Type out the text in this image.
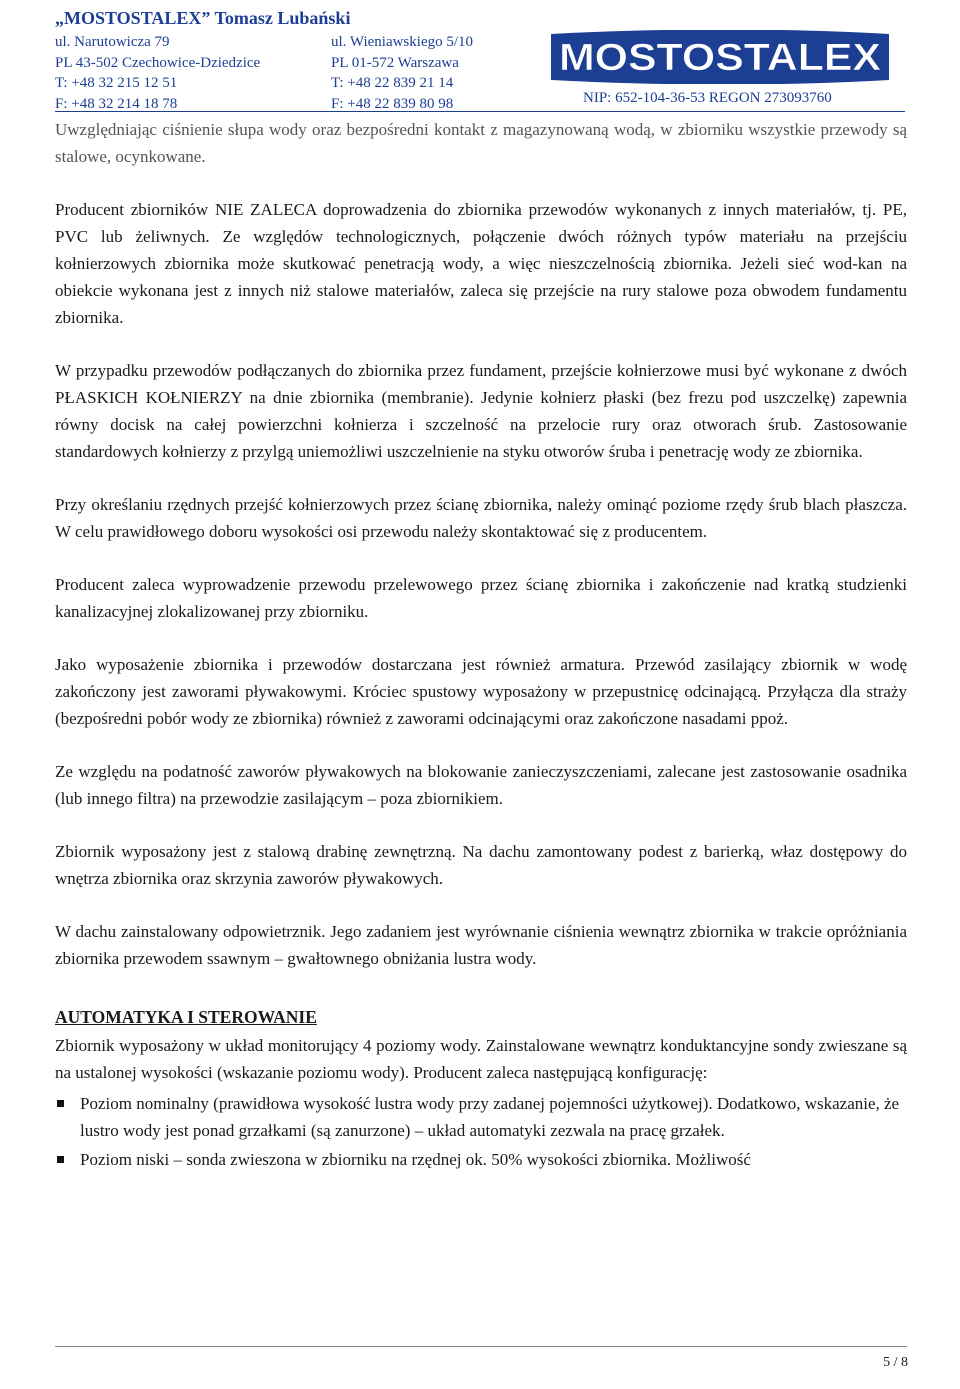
„MOSTOSTALEX” Tomasz Lubański
ul. Narutowicza 79
PL 43-502 Czechowice-Dziedzice
T: +48 32 215 12 51
F: +48 32 214 18 78
ul. Wieniawskiego 5/10
PL 01-572 Warszawa
T: +48 22 839 21 14
F: +48 22 839 80 98
MOSTOSTALEX
NIP: 652-104-36-53 REGON 273093760

Uwzględniając ciśnienie słupa wody oraz bezpośredni kontakt z magazynowaną wodą, w zbiorniku wszystkie przewody są stalowe, ocynkowane.

Producent zbiorników NIE ZALECA doprowadzenia do zbiornika przewodów wykonanych z innych materiałów, tj. PE, PVC lub żeliwnych. Ze względów technologicznych, połączenie dwóch różnych typów materiału na przejściu kołnierzowych zbiornika może skutkować penetracją wody, a więc nieszczelnością zbiornika. Jeżeli sieć wod-kan na obiekcie wykonana jest z innych niż stalowe materiałów, zaleca się przejście na rury stalowe poza obwodem fundamentu zbiornika.

W przypadku przewodów podłączanych do zbiornika przez fundament, przejście kołnierzowe musi być wykonane z dwóch PŁASKICH KOŁNIERZY na dnie zbiornika (membranie). Jedynie kołnierz płaski (bez frezu pod uszczelkę) zapewnia równy docisk na całej powierzchni kołnierza i szczelność na przelocie rury oraz otworach śrub. Zastosowanie standardowych kołnierzy z przylgą uniemożliwi uszczelnienie na styku otworów śruba i penetrację wody ze zbiornika.

Przy określaniu rzędnych przejść kołnierzowych przez ścianę zbiornika, należy ominąć poziome rzędy śrub blach płaszcza. W celu prawidłowego doboru wysokości osi przewodu należy skontaktować się z producentem.

Producent zaleca wyprowadzenie przewodu przelewowego przez ścianę zbiornika i zakończenie nad kratką studzienki kanalizacyjnej zlokalizowanej przy zbiorniku.

Jako wyposażenie zbiornika i przewodów dostarczana jest również armatura. Przewód zasilający zbiornik w wodę zakończony jest zaworami pływakowymi. Króciec spustowy wyposażony w przepustnicę odcinającą. Przyłącza dla straży (bezpośredni pobór wody ze zbiornika) również z zaworami odcinającymi oraz zakończone nasadami ppoż.

Ze względu na podatność zaworów pływakowych na blokowanie zanieczyszczeniami, zalecane jest zastosowanie osadnika (lub innego filtra) na przewodzie zasilającym – poza zbiornikiem.

Zbiornik wyposażony jest z stalową drabinę zewnętrzną. Na dachu zamontowany podest z barierką, właz dostępowy do wnętrza zbiornika oraz skrzynia zaworów pływakowych.

W dachu zainstalowany odpowietrznik. Jego zadaniem jest wyrównanie ciśnienia wewnątrz zbiornika w trakcie opróżniania zbiornika przewodem ssawnym – gwałtownego obniżania lustra wody.

AUTOMATYKA I STEROWANIE

Zbiornik wyposażony w układ monitorujący 4 poziomy wody. Zainstalowane wewnątrz konduktancyjne sondy zwieszane są na ustalonej wysokości (wskazanie poziomu wody). Producent zaleca następującą konfigurację:

Poziom nominalny (prawidłowa wysokość lustra wody przy zadanej pojemności użytkowej). Dodatkowo, wskazanie, że lustro wody jest ponad grzałkami (są zanurzone) – układ automatyki zezwala na pracę grzałek.
Poziom niski – sonda zwieszona w zbiorniku na rzędnej ok. 50% wysokości zbiornika. Możliwość
5 / 8
